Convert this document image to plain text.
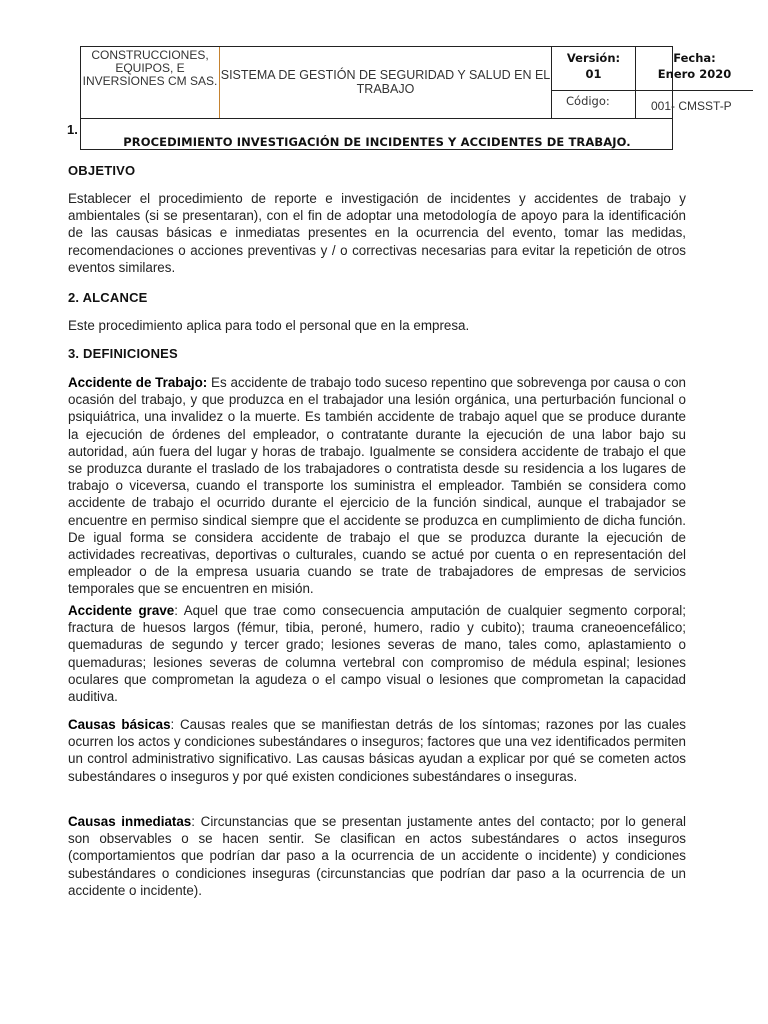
CONSTRUCCIONES, EQUIPOS, E INVERSIONES CM SAS. SISTEMA DE GESTIÓN DE SEGURIDAD Y SALUD EN EL TRABAJO
Versión:
01
Fecha:
Enero 2020
Código:	001- CMSST-P
PROCEDIMIENTO INVESTIGACIÓN DE INCIDENTES Y ACCIDENTES DE TRABAJO.
1.
OBJETIVO
Establecer el procedimiento de reporte e investigación de incidentes y accidentes de trabajo y ambientales (si se presentaran), con el fin de adoptar una metodología de apoyo para la identificación de las causas básicas e inmediatas presentes en la ocurrencia del evento, tomar las medidas, recomendaciones o acciones preventivas y / o correctivas necesarias para evitar la repetición de otros eventos similares.
2. ALCANCE
Este procedimiento aplica para todo el personal que en la empresa.
3. DEFINICIONES
Accidente de Trabajo: Es accidente de trabajo todo suceso repentino que sobrevenga por causa o con ocasión del trabajo, y que produzca en el trabajador una lesión orgánica, una perturbación funcional o psiquiátrica, una invalidez o la muerte. Es también accidente de trabajo aquel que se produce durante la ejecución de órdenes del empleador, o contratante durante la ejecución de una labor bajo su autoridad, aún fuera del lugar y horas de trabajo. Igualmente se considera accidente de trabajo el que se produzca durante el traslado de los trabajadores o contratista desde su residencia a los lugares de trabajo o viceversa, cuando el transporte los suministra el empleador. También se considera como accidente de trabajo el ocurrido durante el ejercicio de la función sindical, aunque el trabajador se encuentre en permiso sindical siempre que el accidente se produzca en cumplimiento de dicha función. De igual forma se considera accidente de trabajo el que se produzca durante la ejecución de actividades recreativas, deportivas o culturales, cuando se actué por cuenta o en representación del empleador o de la empresa usuaria cuando se trate de trabajadores de empresas de servicios temporales que se encuentren en misión.
Accidente grave: Aquel que trae como consecuencia amputación de cualquier segmento corporal; fractura de huesos largos (fémur, tibia, peroné, humero, radio y cubito); trauma craneoencefálico; quemaduras de segundo y tercer grado; lesiones severas de mano, tales como, aplastamiento o quemaduras; lesiones severas de columna vertebral con compromiso de médula espinal; lesiones oculares que comprometan la agudeza o el campo visual o lesiones que comprometan la capacidad auditiva.
Causas básicas: Causas reales que se manifiestan detrás de los síntomas; razones por las cuales ocurren los actos y condiciones subestándares o inseguros; factores que una vez identificados permiten un control administrativo significativo. Las causas básicas ayudan a explicar por qué se cometen actos subestándares o inseguros y por qué existen condiciones subestándares o inseguras.
Causas inmediatas: Circunstancias que se presentan justamente antes del contacto; por lo general son observables o se hacen sentir. Se clasifican en actos subestándares o actos inseguros (comportamientos que podrían dar paso a la ocurrencia de un accidente o incidente) y condiciones subestándares o condiciones inseguras (circunstancias que podrían dar paso a la ocurrencia de un accidente o incidente).
